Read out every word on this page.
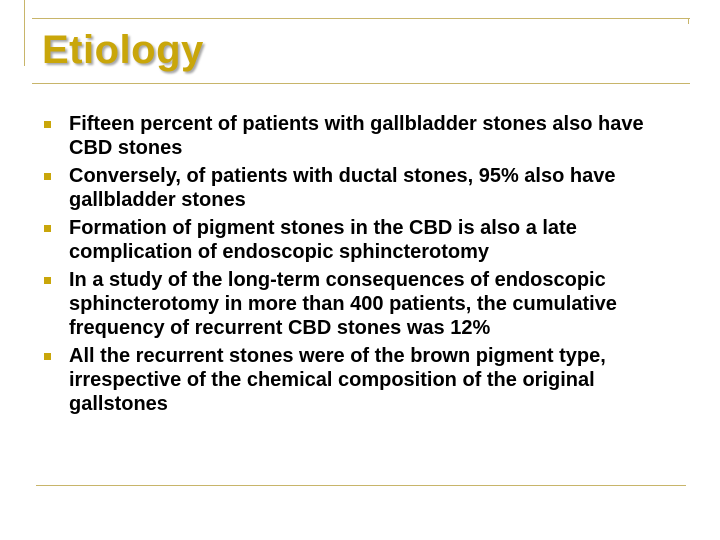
Etiology
Fifteen percent of patients with gallbladder stones also have CBD stones
Conversely, of patients with ductal stones, 95% also have gallbladder stones
Formation of pigment stones in the CBD is also a late complication of endoscopic sphincterotomy
In a study of the long-term consequences of endoscopic sphincterotomy in more than 400 patients, the cumulative frequency of recurrent CBD stones was 12%
All the recurrent stones were of the brown pigment type, irrespective of the chemical composition of the original gallstones
